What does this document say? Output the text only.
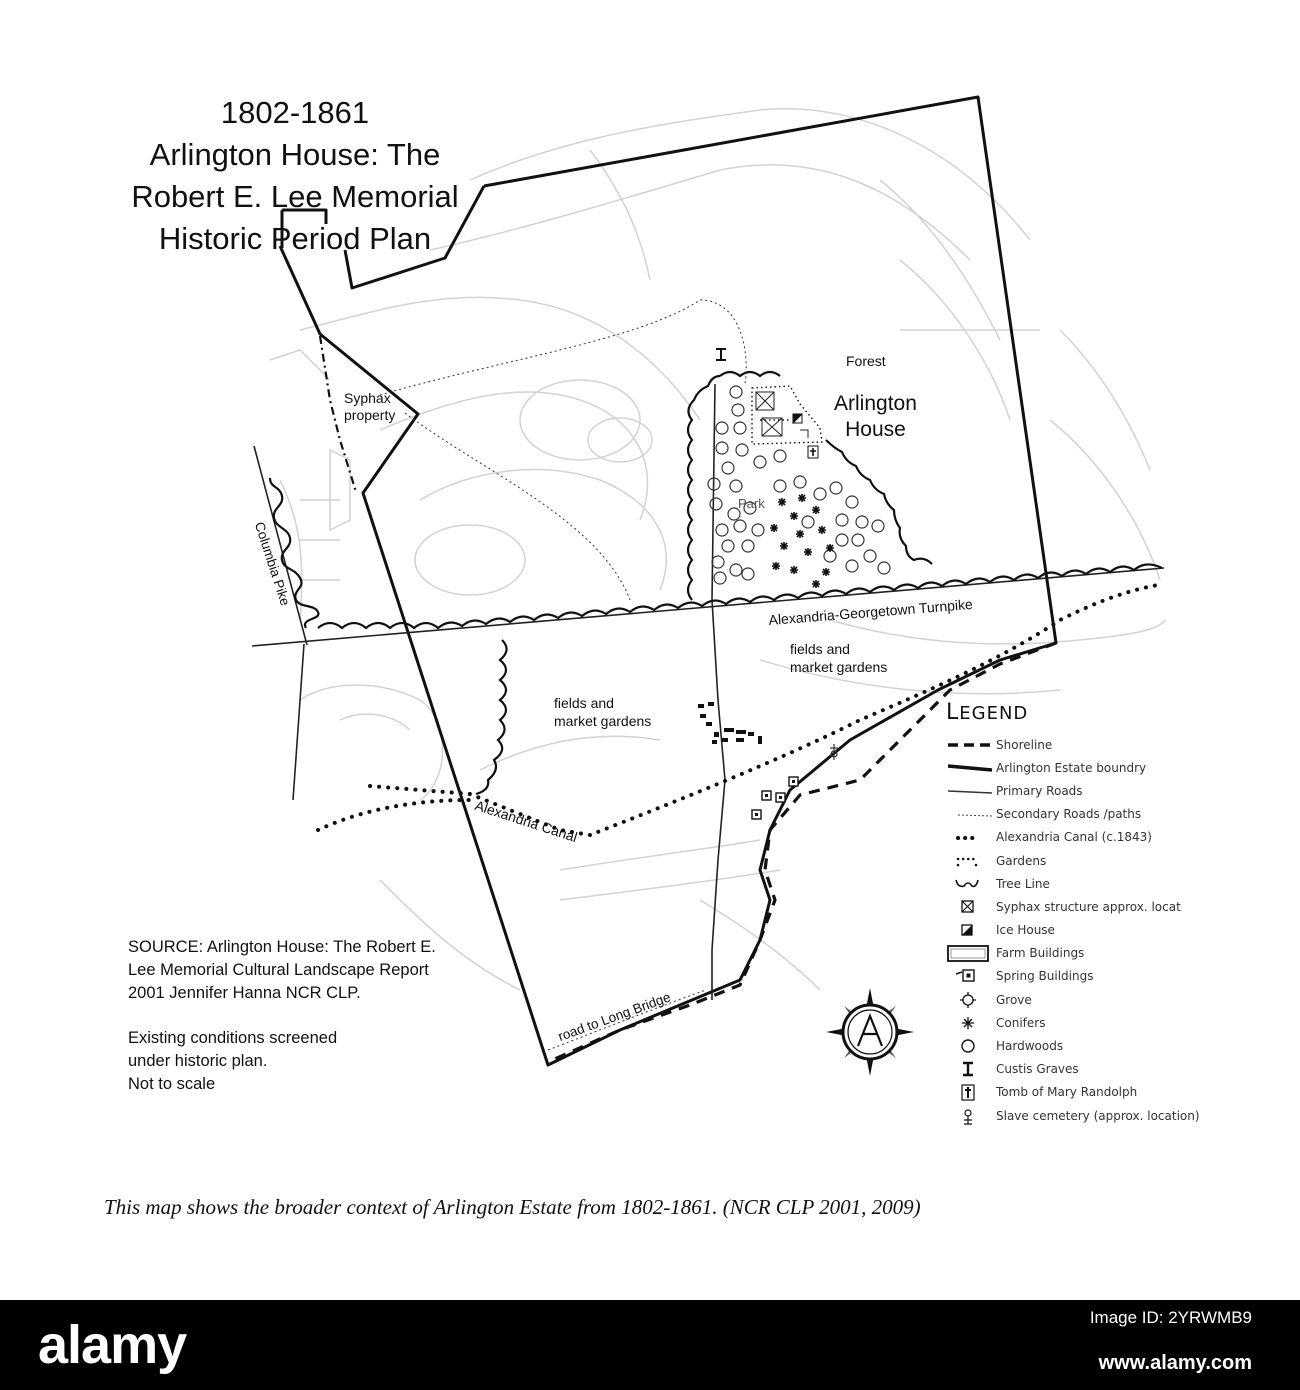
1802-1861
Arlington House: The
Robert E. Lee Memorial
Historic Period Plan
Syphax
property
Columbia Pike
Forest
Arlington
House
Park
Alexandria-Georgetown Turnpike
fields and
market gardens
fields and
market gardens
Alexandria Canal
road to Long Bridge
SOURCE: Arlington House: The Robert E.
Lee Memorial Cultural Landscape Report
2001 Jennifer Hanna NCR CLP.
Existing conditions screened
under historic plan.
Not to scale
LEGEND
Shoreline
Arlington Estate boundry
Primary Roads
Secondary Roads /paths
Alexandria Canal (c.1843)
Gardens
Tree Line
Syphax structure approx. locat
Ice House
Farm Buildings
Spring Buildings
Grove
Conifers
Hardwoods
Custis Graves
Tomb of Mary Randolph
Slave cemetery (approx. location)
This map shows the broader context of Arlington Estate from 1802-1861. (NCR CLP 2001, 2009)
alamy	Image ID: 2YRWMB9
www.alamy.com
